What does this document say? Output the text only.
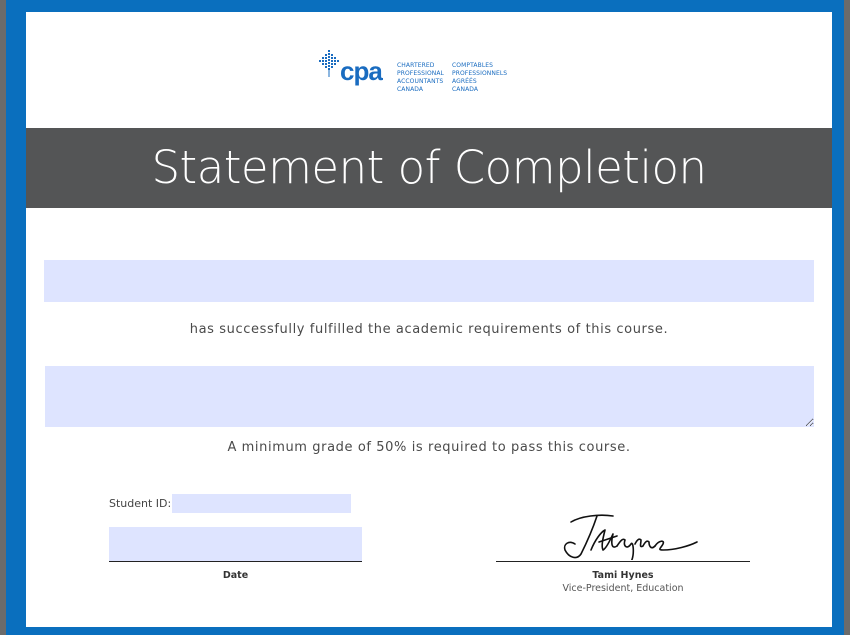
cpa	CHARTERED
PROFESSIONAL
ACCOUNTANTS
CANADA
COMPTABLES
PROFESSIONNELS
AGRÉÉS
CANADA
Statement of Completion
has successfully fulfilled the academic requirements of this course.
A minimum grade of 50% is required to pass this course.
Student ID:
Date	Tami Hynes
Vice-President, Education
